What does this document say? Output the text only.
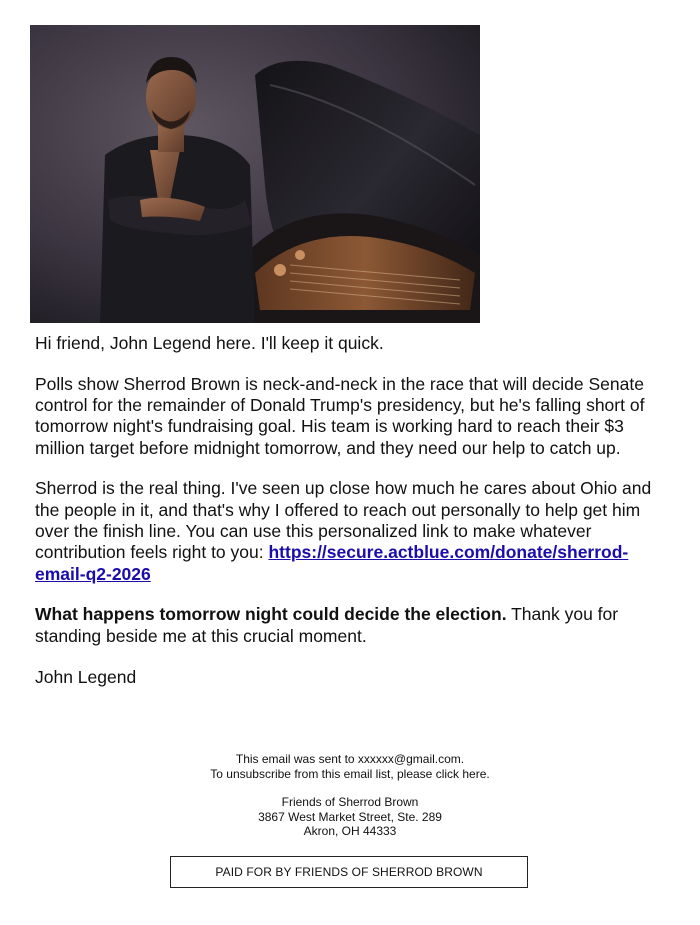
Hi friend, John Legend here. I'll keep it quick.

Polls show Sherrod Brown is neck-and-neck in the race that will decide Senate control for the remainder of Donald Trump's presidency, but he's falling short of tomorrow night's fundraising goal. His team is working hard to reach their $3 million target before midnight tomorrow, and they need our help to catch up.

Sherrod is the real thing. I've seen up close how much he cares about Ohio and the people in it, and that's why I offered to reach out personally to help get him over the finish line. You can use this personalized link to make whatever contribution feels right to you: https://secure.actblue.com/donate/sherrod-email-q2-2026

What happens tomorrow night could decide the election. Thank you for standing beside me at this crucial moment.

John Legend

This email was sent to xxxxxx@gmail.com.

To unsubscribe from this email list, please click here.

Friends of Sherrod Brown

3867 West Market Street, Ste. 289

Akron, OH 44333

PAID FOR BY FRIENDS OF SHERROD BROWN
